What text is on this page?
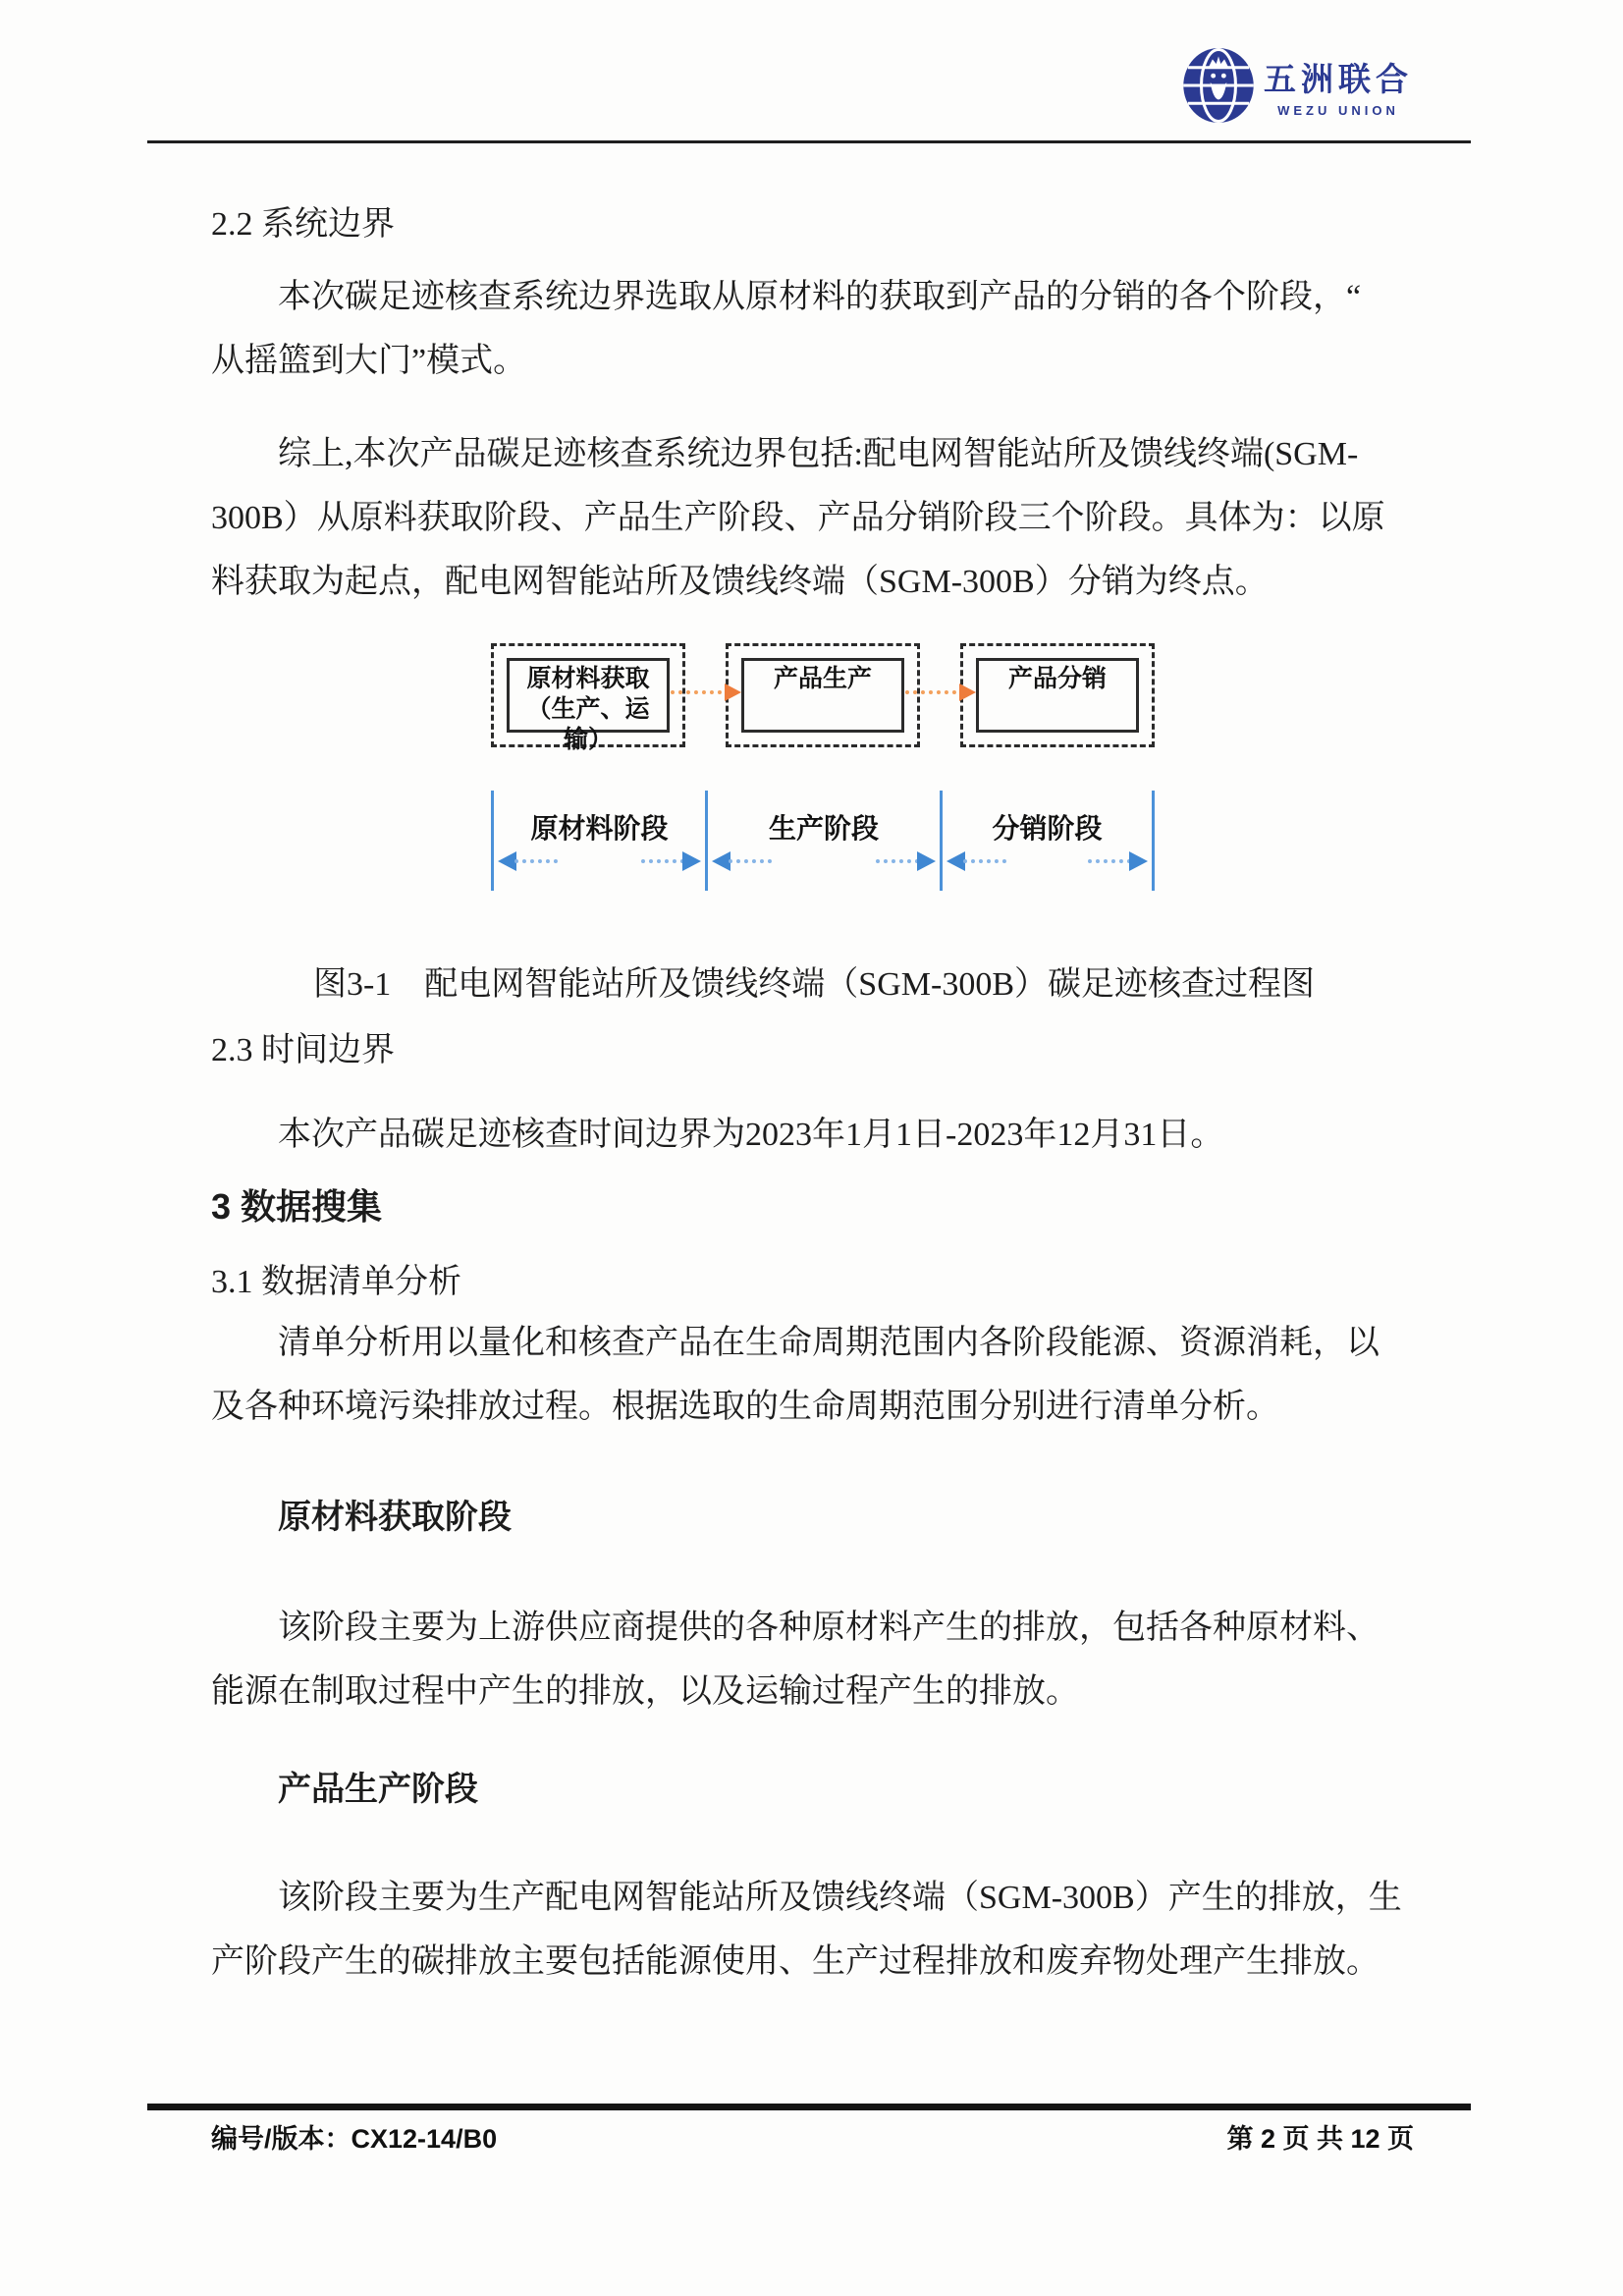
五洲联合
WEZU UNION
2.2 系统边界
本次碳足迹核查系统边界选取从原材料的获取到产品的分销的各个阶段，“
从摇篮到大门”模式。
综上,本次产品碳足迹核查系统边界包括:配电网智能站所及馈线终端(SGM-
300B）从原料获取阶段、产品生产阶段、产品分销阶段三个阶段。具体为：以原
料获取为起点，配电网智能站所及馈线终端（SGM-300B）分销为终点。
原材料获取
（生产、运输）
产品生产	产品分销
原材料阶段	生产阶段	分销阶段
图3-1　配电网智能站所及馈线终端（SGM-300B）碳足迹核查过程图
2.3 时间边界
本次产品碳足迹核查时间边界为2023年1月1日-2023年12月31日。
3 数据搜集
3.1 数据清单分析
清单分析用以量化和核查产品在生命周期范围内各阶段能源、资源消耗，以
及各种环境污染排放过程。根据选取的生命周期范围分别进行清单分析。
原材料获取阶段
该阶段主要为上游供应商提供的各种原材料产生的排放，包括各种原材料、
能源在制取过程中产生的排放，以及运输过程产生的排放。
产品生产阶段
该阶段主要为生产配电网智能站所及馈线终端（SGM-300B）产生的排放，生
产阶段产生的碳排放主要包括能源使用、生产过程排放和废弃物处理产生排放。
编号/版本：CX12-14/B0	第 2 页 共 12 页
